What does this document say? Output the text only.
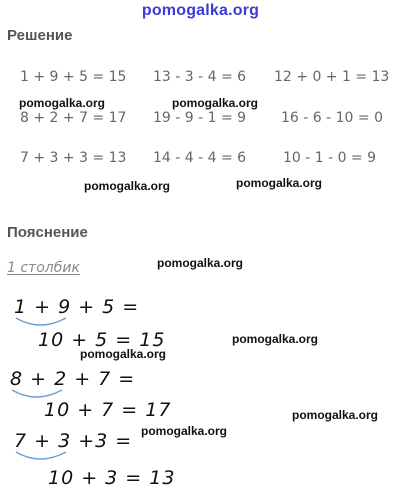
pomogalka.org
Решение
1 + 9 + 5 = 15 13 - 3 - 4 = 6 12 + 0 + 1 = 13
8 + 2 + 7 = 17 19 - 9 - 1 = 9 16 - 6 - 10 = 0
7 + 3 + 3 = 13 14 - 4 - 4 = 6	10 - 1 - 0 = 9
Пояснение
1 столбик
1 + 9 + 5 =
10 + 5 = 15
8 + 2 + 7 =
10 + 7 = 17
7 + 3 +3 =
10 + 3 = 13
pomogalka.org	pomogalka.org
pomogalka.org	pomogalka.org
pomogalka.org
pomogalka.org
pomogalka.org
pomogalka.org
pomogalka.org
